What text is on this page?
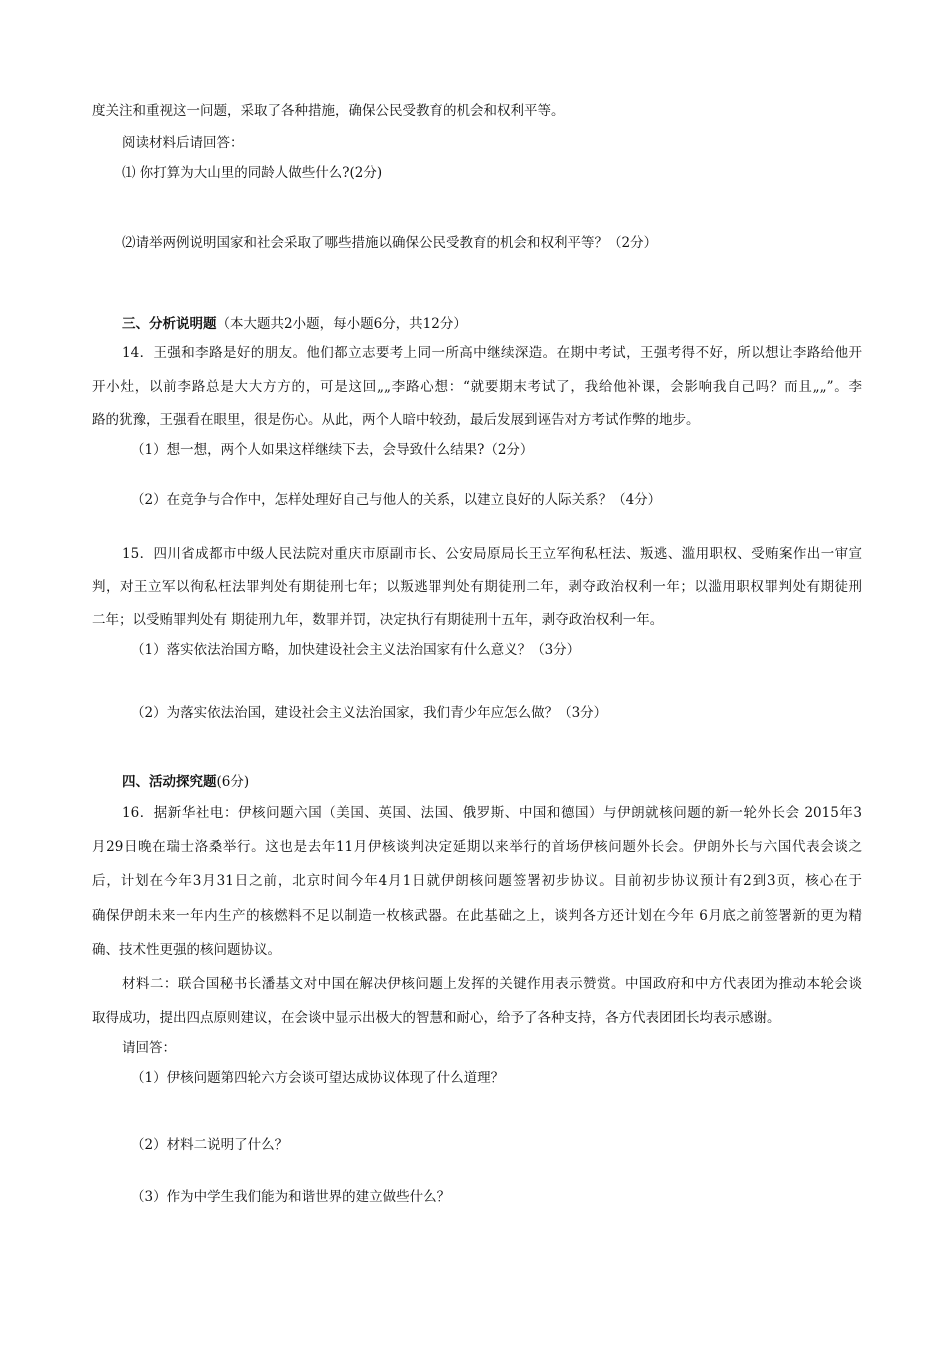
度关注和重视这一问题，采取了各种措施，确保公民受教育的机会和权利平等。
阅读材料后请回答：
⑴ 你打算为大山里的同龄人做些什么?(2分)
⑵请举两例说明国家和社会采取了哪些措施以确保公民受教育的机会和权利平等？（2分）
三、分析说明题（本大题共2小题，每小题6分，共12分）
14．王强和李路是好的朋友。他们都立志要考上同一所高中继续深造。在期中考试，王强考得不好，所以想让李路给他开
开小灶，以前李路总是大大方方的，可是这回„„李路心想：“就要期末考试了，我给他补课，会影响我自己吗？而且„„”。李
路的犹豫，王强看在眼里，很是伤心。从此，两个人暗中较劲，最后发展到诬告对方考试作弊的地步。
（1）想一想，两个人如果这样继续下去，会导致什么结果?（2分）
（2）在竞争与合作中，怎样处理好自己与他人的关系，以建立良好的人际关系？（4分）
15．四川省成都市中级人民法院对重庆市原副市长、公安局原局长王立军徇私枉法、叛逃、滥用职权、受贿案作出一审宣
判，对王立军以徇私枉法罪判处有期徒刑七年；以叛逃罪判处有期徒刑二年，剥夺政治权利一年；以滥用职权罪判处有期徒刑
二年；以受贿罪判处有 期徒刑九年，数罪并罚，决定执行有期徒刑十五年，剥夺政治权利一年。
（1）落实依法治国方略，加快建设社会主义法治国家有什么意义？（3分）
（2）为落实依法治国，建设社会主义法治国家，我们青少年应怎么做？（3分）
四、活动探究题(6分)
16．据新华社电：伊核问题六国（美国、英国、法国、俄罗斯、中国和德国）与伊朗就核问题的新一轮外长会 2015年3
月29日晚在瑞士洛桑举行。这也是去年11月伊核谈判决定延期以来举行的首场伊核问题外长会。伊朗外长与六国代表会谈之
后，计划在今年3月31日之前，北京时间今年4月1日就伊朗核问题签署初步协议。目前初步协议预计有2到3页，核心在于
确保伊朗未来一年内生产的核燃料不足以制造一枚核武器。在此基础之上，谈判各方还计划在今年 6月底之前签署新的更为精
确、技术性更强的核问题协议。
材料二：联合国秘书长潘基文对中国在解决伊核问题上发挥的关键作用表示赞赏。中国政府和中方代表团为推动本轮会谈
取得成功，提出四点原则建议，在会谈中显示出极大的智慧和耐心，给予了各种支持，各方代表团团长均表示感谢。
请回答：
（1）伊核问题第四轮六方会谈可望达成协议体现了什么道理？
（2）材料二说明了什么？
（3）作为中学生我们能为和谐世界的建立做些什么？
